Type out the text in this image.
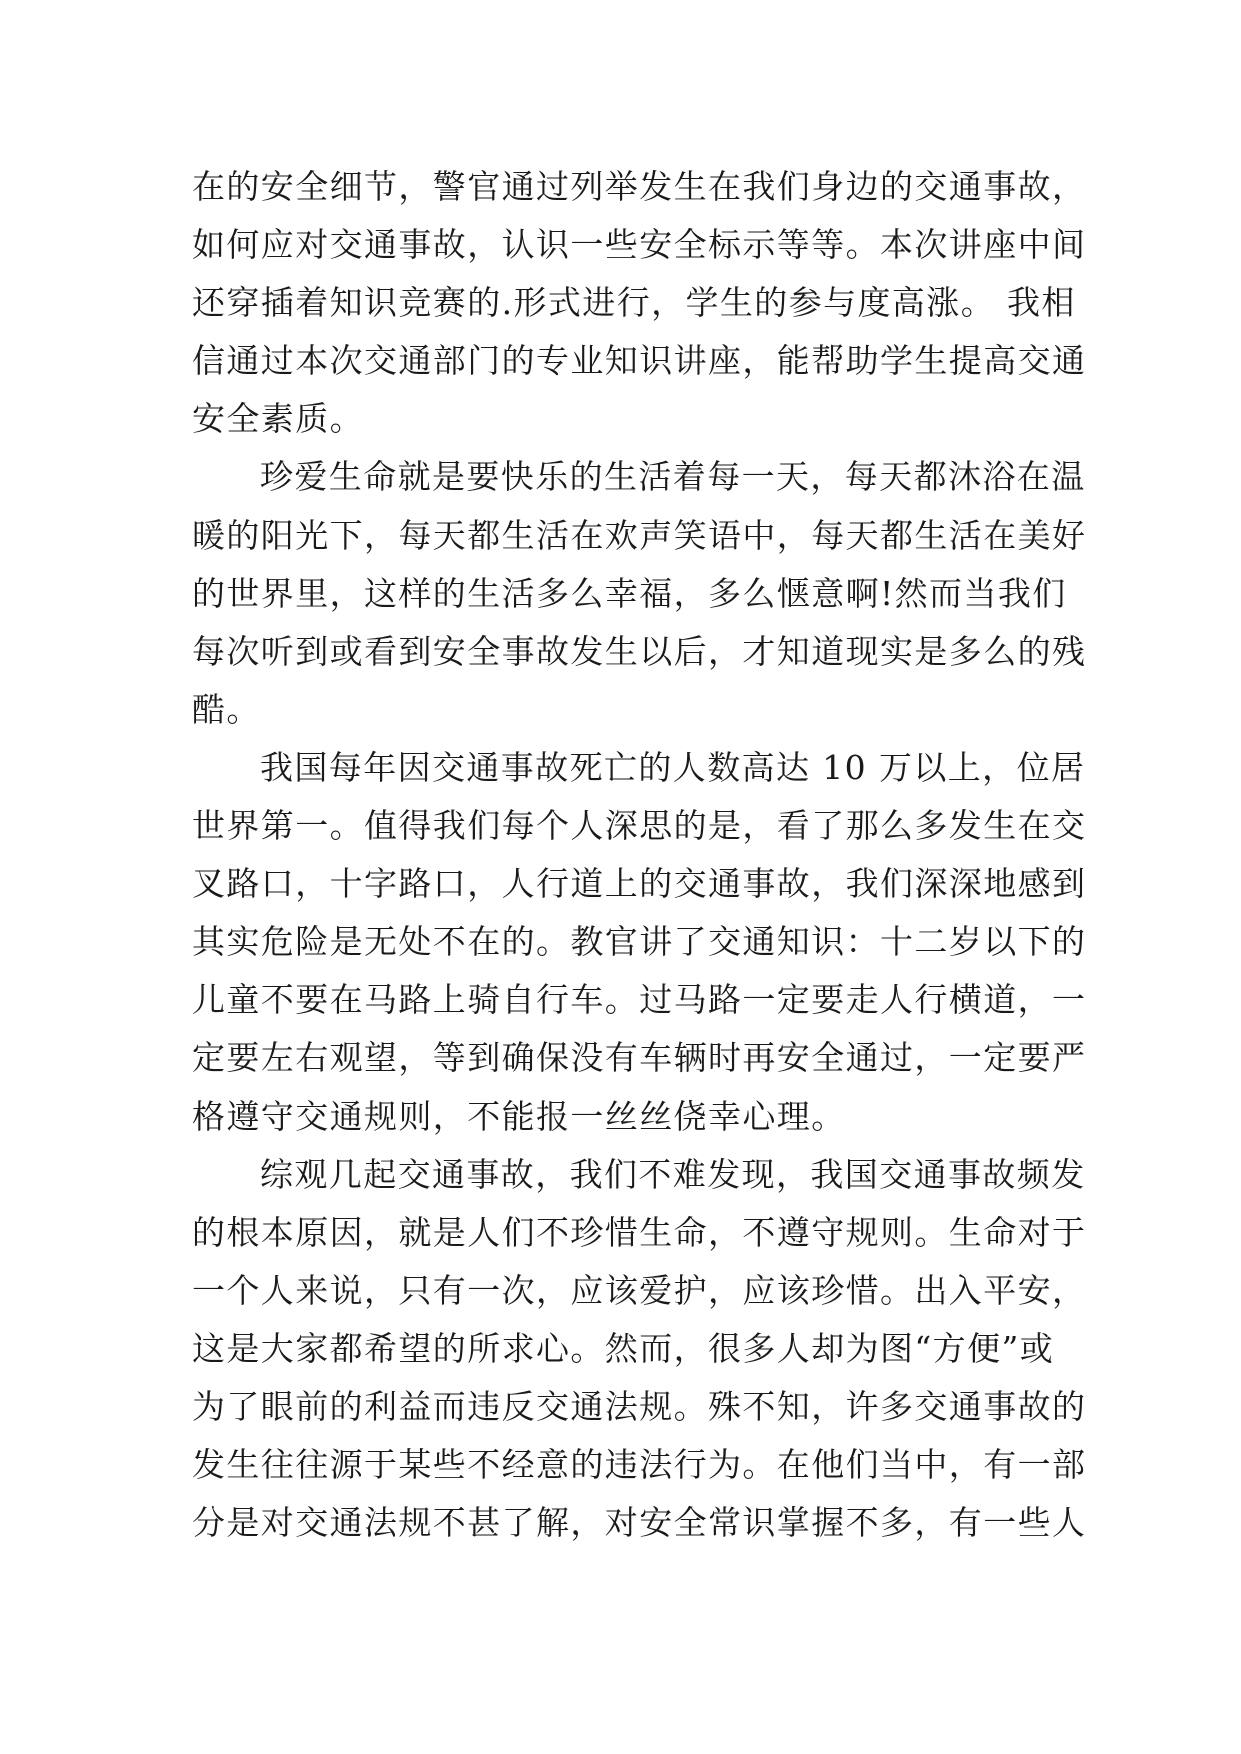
在的安全细节，警官通过列举发生在我们身边的交通事故，
如何应对交通事故，认识一些安全标示等等。本次讲座中间
还穿插着知识竞赛的.形式进行，学生的参与度高涨。 我相
信通过本次交通部门的专业知识讲座，能帮助学生提高交通
安全素质。
珍爱生命就是要快乐的生活着每一天，每天都沐浴在温
暖的阳光下，每天都生活在欢声笑语中，每天都生活在美好
的世界里，这样的生活多么幸福，多么惬意啊!然而当我们
每次听到或看到安全事故发生以后，才知道现实是多么的残
酷。
我国每年因交通事故死亡的人数高达 10 万以上，位居
世界第一。值得我们每个人深思的是，看了那么多发生在交
叉路口，十字路口，人行道上的交通事故，我们深深地感到
其实危险是无处不在的。教官讲了交通知识：十二岁以下的
儿童不要在马路上骑自行车。过马路一定要走人行横道，一
定要左右观望，等到确保没有车辆时再安全通过，一定要严
格遵守交通规则，不能报一丝丝侥幸心理。
综观几起交通事故，我们不难发现，我国交通事故频发
的根本原因，就是人们不珍惜生命，不遵守规则。生命对于
一个人来说，只有一次，应该爱护，应该珍惜。出入平安，
这是大家都希望的所求心。然而，很多人却为图“方便”或
为了眼前的利益而违反交通法规。殊不知，许多交通事故的
发生往往源于某些不经意的违法行为。在他们当中，有一部
分是对交通法规不甚了解，对安全常识掌握不多，有一些人
